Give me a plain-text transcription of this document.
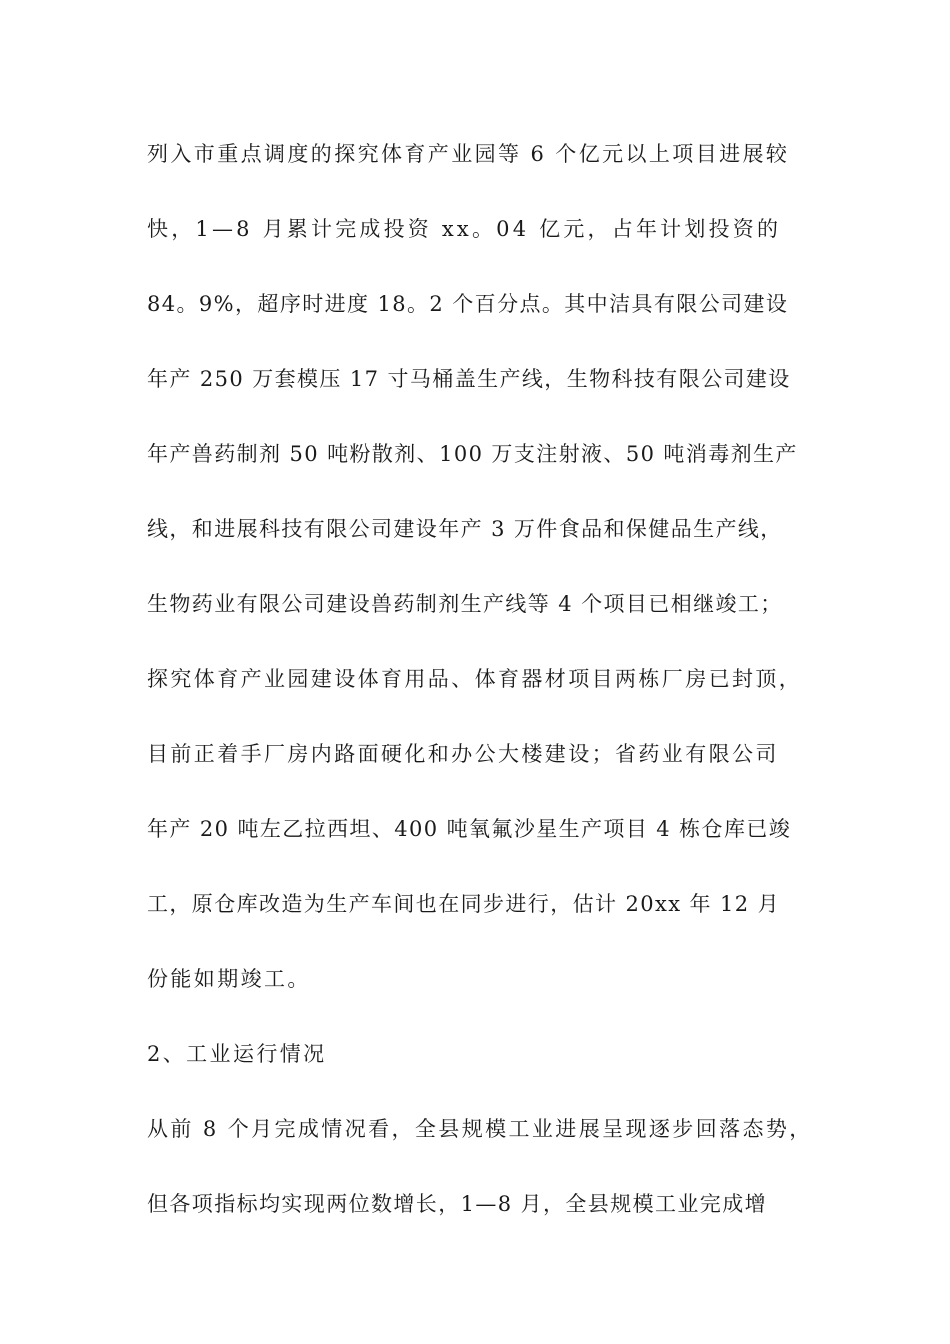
列入市重点调度的探究体育产业园等 6 个亿元以上项目进展较
快，1—8 月累计完成投资 xx。04 亿元，占年计划投资的
84。9%，超序时进度 18。2 个百分点。其中洁具有限公司建设
年产 250 万套模压 17 寸马桶盖生产线，生物科技有限公司建设
年产兽药制剂 50 吨粉散剂、100 万支注射液、50 吨消毒剂生产
线，和进展科技有限公司建设年产 3 万件食品和保健品生产线，
生物药业有限公司建设兽药制剂生产线等 4 个项目已相继竣工；
探究体育产业园建设体育用品、体育器材项目两栋厂房已封顶，
目前正着手厂房内路面硬化和办公大楼建设；省药业有限公司
年产 20 吨左乙拉西坦、400 吨氧氟沙星生产项目 4 栋仓库已竣
工，原仓库改造为生产车间也在同步进行，估计 20xx 年 12 月
份能如期竣工。
2、工业运行情况
从前 8 个月完成情况看，全县规模工业进展呈现逐步回落态势，
但各项指标均实现两位数增长，1—8 月，全县规模工业完成增
